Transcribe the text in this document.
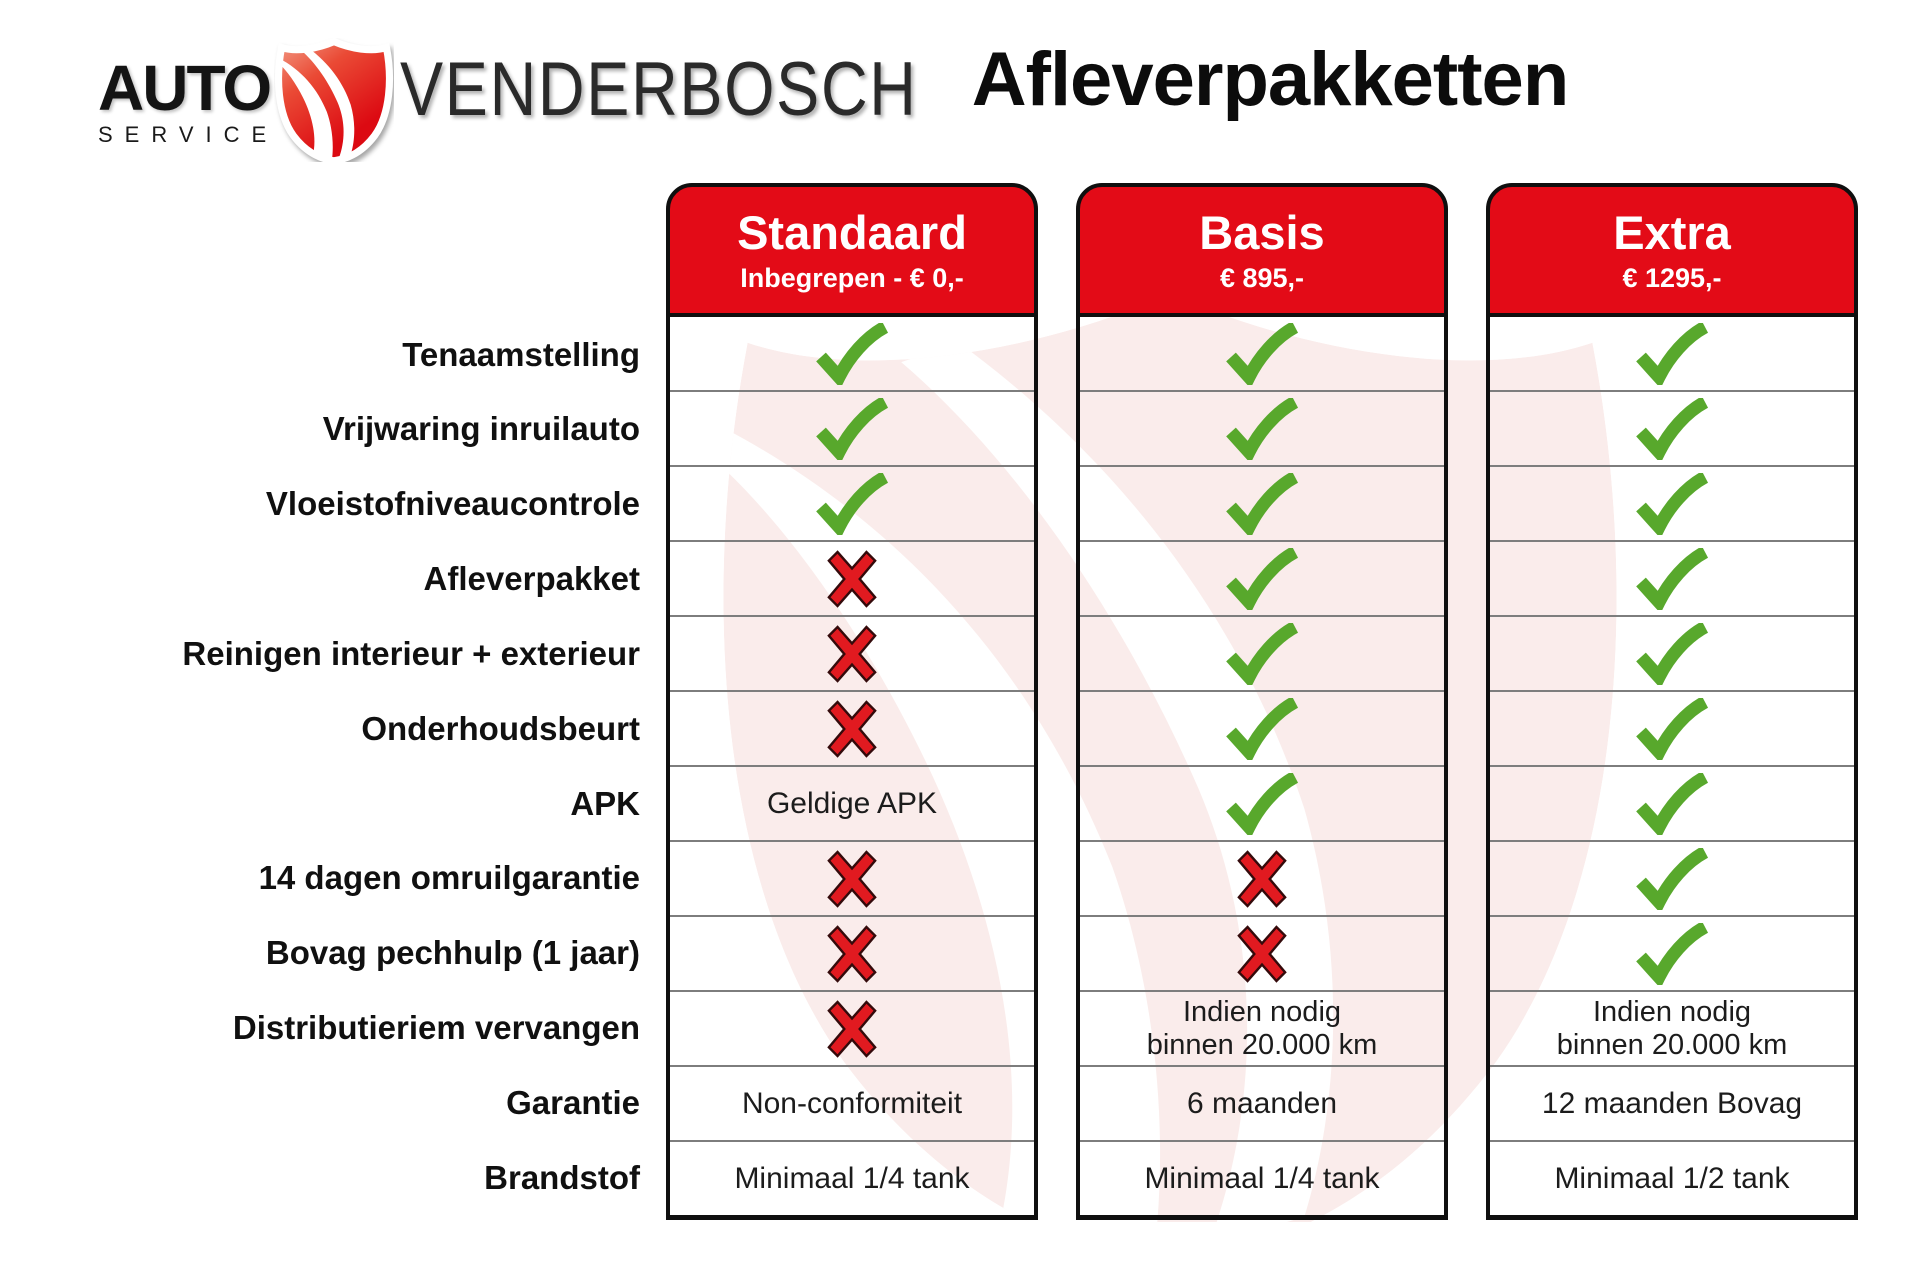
AUTO
SERVICE
VENDERBOSCH Afleverpakketten
Tenaamstelling
Vrijwaring inruilauto
Vloeistofniveaucontrole
Afleverpakket
Reinigen interieur + exterieur
Onderhoudsbeurt
APK
14 dagen omruilgarantie
Bovag pechhulp (1 jaar)
Distributieriem vervangen
Garantie
Brandstof
Standaard
Inbegrepen - € 0,-
Geldige APK
Non-conformiteit
Minimaal 1/4 tank
Basis
€ 895,-
Indien nodig
binnen 20.000 km
6 maanden
Minimaal 1/4 tank
Extra
€ 1295,-
Indien nodig
binnen 20.000 km
12 maanden Bovag
Minimaal 1/2 tank
